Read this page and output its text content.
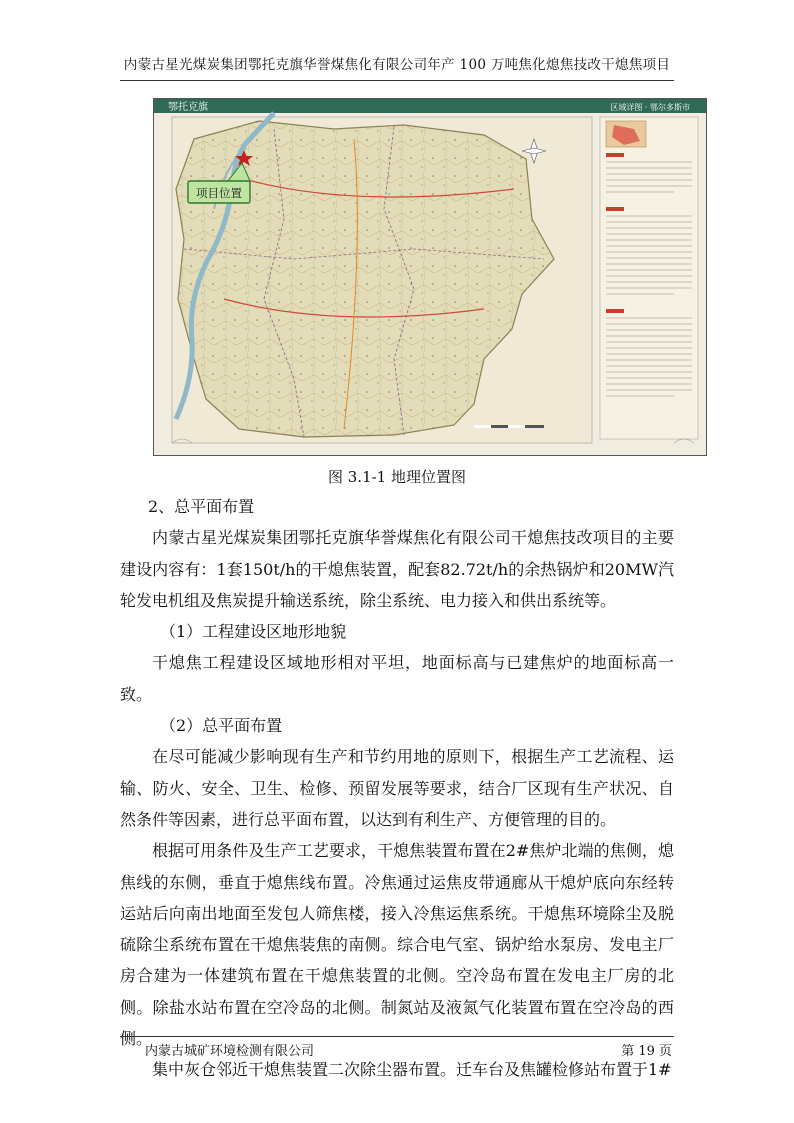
内蒙古星光煤炭集团鄂托克旗华誉煤焦化有限公司年产 100 万吨焦化熄焦技改干熄焦项目
鄂托克旗	区域详图 · 鄂尔多斯市
项目位置
图 3.1-1 地理位置图

2、总平面布置

内蒙古星光煤炭集团鄂托克旗华誉煤焦化有限公司干熄焦技改项目的主要建设内容有：1套150t/h的干熄焦装置，配套82.72t/h的余热锅炉和20MW汽轮发电机组及焦炭提升输送系统，除尘系统、电力接入和供出系统等。

（1）工程建设区地形地貌

干熄焦工程建设区域地形相对平坦，地面标高与已建焦炉的地面标高一致。

（2）总平面布置

在尽可能减少影响现有生产和节约用地的原则下，根据生产工艺流程、运输、防火、安全、卫生、检修、预留发展等要求，结合厂区现有生产状况、自然条件等因素，进行总平面布置，以达到有利生产、方便管理的目的。

根据可用条件及生产工艺要求，干熄焦装置布置在2#焦炉北端的焦侧，熄焦线的东侧，垂直于熄焦线布置。冷焦通过运焦皮带通廊从干熄炉底向东经转运站后向南出地面至发包人筛焦楼，接入冷焦运焦系统。干熄焦环境除尘及脱硫除尘系统布置在干熄焦装焦的南侧。综合电气室、锅炉给水泵房、发电主厂房合建为一体建筑布置在干熄焦装置的北侧。空冷岛布置在发电主厂房的北侧。除盐水站布置在空冷岛的北侧。制氮站及液氮气化装置布置在空冷岛的西侧。

集中灰仓邻近干熄焦装置二次除尘器布置。迁车台及焦罐检修站布置于1#

内蒙古城矿环境检测有限公司	第 19 页
